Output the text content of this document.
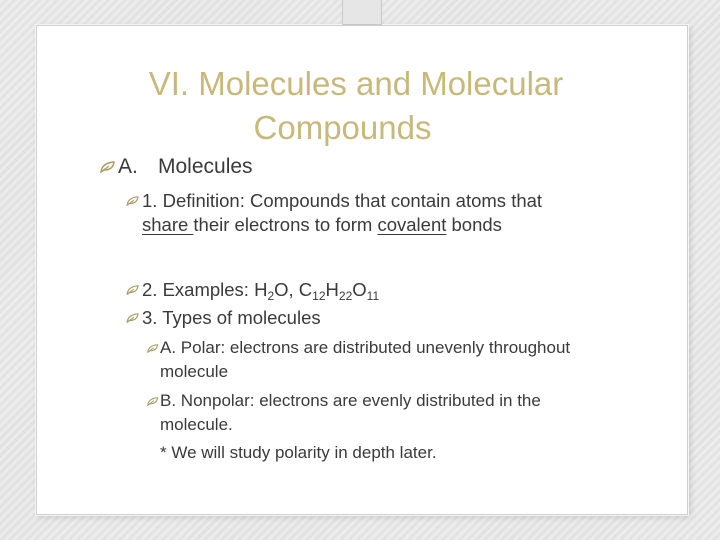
VI. Molecules and Molecular
Compounds
A. Molecules
1. Definition: Compounds that contain atoms that share their electrons to form covalent bonds
2. Examples: $H_2O$, $C_{12}H_{22}O_{11}$
3. Types of molecules
A. Polar: electrons are distributed unevenly throughout molecule
B. Nonpolar: electrons are evenly distributed in the molecule.
* We will study polarity in depth later.
